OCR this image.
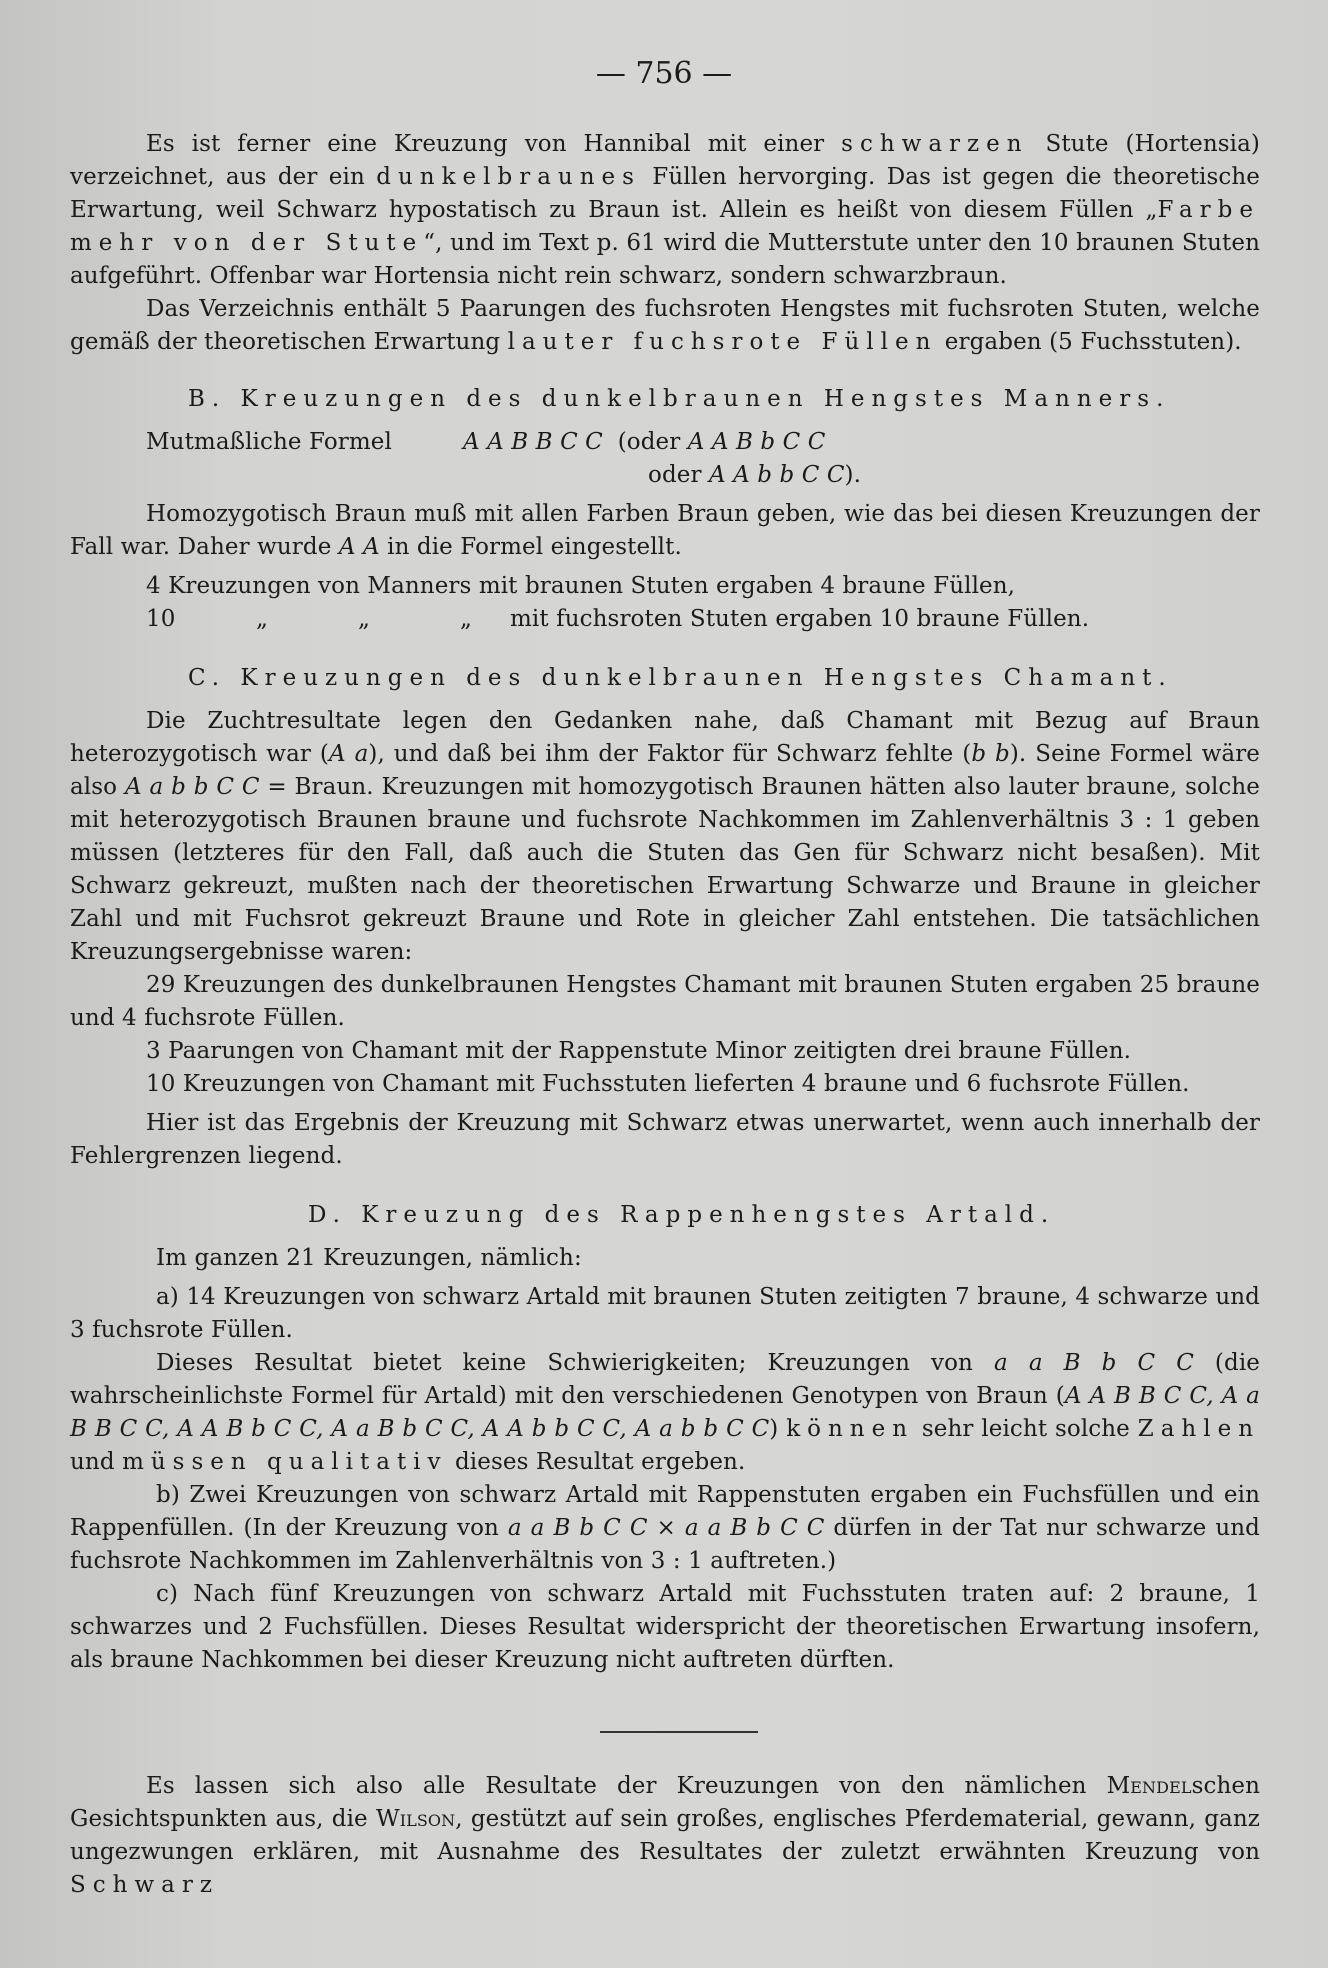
— 756 —

Es ist ferner eine Kreuzung von Hannibal mit einer schwarzen Stute (Hortensia) verzeichnet, aus der ein dunkelbraunes Füllen hervorging. Das ist gegen die theoretische Erwartung, weil Schwarz hypostatisch zu Braun ist. Allein es heißt von diesem Füllen „Farbe mehr von der Stute“, und im Text p. 61 wird die Mutterstute unter den 10 braunen Stuten aufgeführt. Offenbar war Hortensia nicht rein schwarz, sondern schwarzbraun.

Das Verzeichnis enthält 5 Paarungen des fuchsroten Hengstes mit fuchsroten Stuten, welche gemäß der theoretischen Erwartung lauter fuchsrote Füllen ergaben (5 Fuchsstuten).

B. Kreuzungen des dunkelbraunen Hengstes Manners.

Mutmaßliche Formel	A A B B C C (oder A A B b C C

oder A A b b C C).

Homozygotisch Braun muß mit allen Farben Braun geben, wie das bei diesen Kreuzungen der Fall war. Daher wurde A A in die Formel eingestellt.

4 Kreuzungen von Manners mit braunen Stuten ergaben 4 braune Füllen,

10	„	„	„	mit fuchsroten Stuten ergaben 10 braune Füllen.

C. Kreuzungen des dunkelbraunen Hengstes Chamant.

Die Zuchtresultate legen den Gedanken nahe, daß Chamant mit Bezug auf Braun heterozygotisch war (A a), und daß bei ihm der Faktor für Schwarz fehlte (b b). Seine Formel wäre also A a b b C C = Braun. Kreuzungen mit homozygotisch Braunen hätten also lauter braune, solche mit heterozygotisch Braunen braune und fuchsrote Nachkommen im Zahlenverhältnis 3 : 1 geben müssen (letzteres für den Fall, daß auch die Stuten das Gen für Schwarz nicht besaßen). Mit Schwarz gekreuzt, mußten nach der theoretischen Erwartung Schwarze und Braune in gleicher Zahl und mit Fuchsrot gekreuzt Braune und Rote in gleicher Zahl entstehen. Die tatsächlichen Kreuzungsergebnisse waren:

29 Kreuzungen des dunkelbraunen Hengstes Chamant mit braunen Stuten ergaben 25 braune und 4 fuchsrote Füllen.

3 Paarungen von Chamant mit der Rappenstute Minor zeitigten drei braune Füllen.

10 Kreuzungen von Chamant mit Fuchsstuten lieferten 4 braune und 6 fuchsrote Füllen.

Hier ist das Ergebnis der Kreuzung mit Schwarz etwas unerwartet, wenn auch innerhalb der Fehlergrenzen liegend.

D. Kreuzung des Rappenhengstes Artald.

Im ganzen 21 Kreuzungen, nämlich:

a) 14 Kreuzungen von schwarz Artald mit braunen Stuten zeitigten 7 braune, 4 schwarze und 3 fuchsrote Füllen.

Dieses Resultat bietet keine Schwierigkeiten; Kreuzungen von a a B b C C (die wahrscheinlichste Formel für Artald) mit den verschiedenen Genotypen von Braun (A A B B C C, A a B B C C, A A B b C C, A a B b C C, A A b b C C, A a b b C C) können sehr leicht solche Zahlen und müssen qualitativ dieses Resultat ergeben.

b) Zwei Kreuzungen von schwarz Artald mit Rappenstuten ergaben ein Fuchsfüllen und ein Rappenfüllen. (In der Kreuzung von a a B b C C × a a B b C C dürfen in der Tat nur schwarze und fuchsrote Nachkommen im Zahlenverhältnis von 3 : 1 auftreten.)

c) Nach fünf Kreuzungen von schwarz Artald mit Fuchsstuten traten auf: 2 braune, 1 schwarzes und 2 Fuchsfüllen. Dieses Resultat widerspricht der theoretischen Erwartung insofern, als braune Nachkommen bei dieser Kreuzung nicht auftreten dürften.

Es lassen sich also alle Resultate der Kreuzungen von den nämlichen Mendelschen Gesichtspunkten aus, die Wilson, gestützt auf sein großes, englisches Pferdematerial, gewann, ganz ungezwungen erklären, mit Ausnahme des Resultates der zuletzt erwähnten Kreuzung von Schwarz
